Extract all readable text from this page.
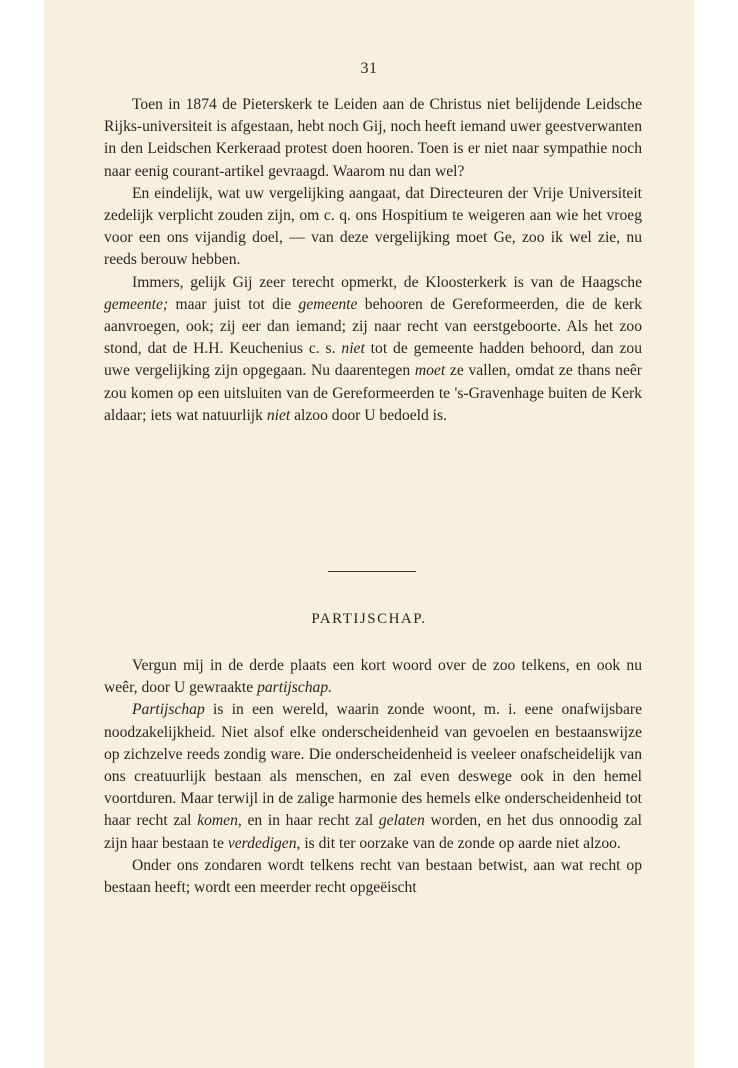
31

Toen in 1874 de Pieterskerk te Leiden aan de Christus niet belijdende Leidsche Rijks-universiteit is afgestaan, hebt noch Gij, noch heeft iemand uwer geestverwanten in den Leidschen Kerkeraad protest doen hooren. Toen is er niet naar sympathie noch naar eenig courant-artikel gevraagd. Waarom nu dan wel?

En eindelijk, wat uw vergelijking aangaat, dat Directeuren der Vrije Universiteit zedelijk verplicht zouden zijn, om c. q. ons Hospitium te weigeren aan wie het vroeg voor een ons vijandig doel, — van deze vergelijking moet Ge, zoo ik wel zie, nu reeds berouw hebben.

Immers, gelijk Gij zeer terecht opmerkt, de Kloosterkerk is van de Haagsche gemeente; maar juist tot die gemeente behooren de Gereformeerden, die de kerk aanvroegen, ook; zij eer dan iemand; zij naar recht van eerstgeboorte. Als het zoo stond, dat de H.H. Keuchenius c. s. niet tot de gemeente hadden behoord, dan zou uwe vergelijking zijn opgegaan. Nu daarentegen moet ze vallen, omdat ze thans neêr zou komen op een uitsluiten van de Gereformeerden te 's-Gravenhage buiten de Kerk aldaar; iets wat natuurlijk niet alzoo door U bedoeld is.

PARTIJSCHAP.

Vergun mij in de derde plaats een kort woord over de zoo telkens, en ook nu weêr, door U gewraakte partijschap.

Partijschap is in een wereld, waarin zonde woont, m. i. eene onafwijsbare noodzakelijkheid. Niet alsof elke onderscheidenheid van gevoelen en bestaanswijze op zichzelve reeds zondig ware. Die onderscheidenheid is veeleer onafscheidelijk van ons creatuurlijk bestaan als menschen, en zal even deswege ook in den hemel voortduren. Maar terwijl in de zalige harmonie des hemels elke onderscheidenheid tot haar recht zal komen, en in haar recht zal gelaten worden, en het dus onnoodig zal zijn haar bestaan te verdedigen, is dit ter oorzake van de zonde op aarde niet alzoo.

Onder ons zondaren wordt telkens recht van bestaan betwist, aan wat recht op bestaan heeft; wordt een meerder recht opgeëischt
